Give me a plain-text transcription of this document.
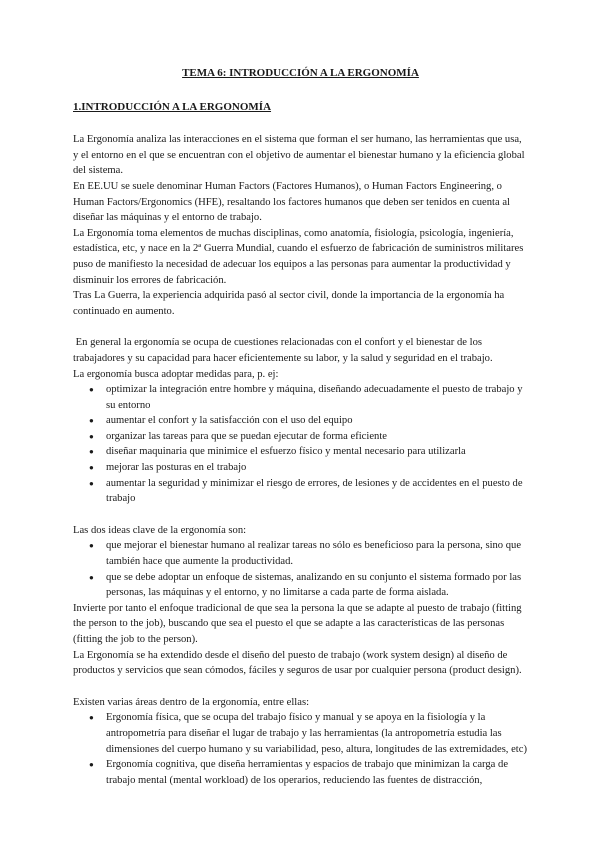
TEMA 6: INTRODUCCIÓN A LA ERGONOMÍA
1.INTRODUCCIÓN A LA ERGONOMÍA

La Ergonomía analiza las interacciones en el sistema que forman el ser humano, las herramientas que usa, y el entorno en el que se encuentran con el objetivo de aumentar el bienestar humano y la eficiencia global del sistema.

En EE.UU se suele denominar Human Factors (Factores Humanos), o Human Factors Engineering, o Human Factors/Ergonomics (HFE), resaltando los factores humanos que deben ser tenidos en cuenta al diseñar las máquinas y el entorno de trabajo.

La Ergonomía toma elementos de muchas disciplinas, como anatomía, fisiología, psicología, ingeniería, estadística, etc, y nace en la 2ª Guerra Mundial, cuando el esfuerzo de fabricación de suministros militares puso de manifiesto la necesidad de adecuar los equipos a las personas para aumentar la productividad y disminuir los errores de fabricación.

Tras La Guerra, la experiencia adquirida pasó al sector civil, donde la importancia de la ergonomía ha continuado en aumento.

En general la ergonomía se ocupa de cuestiones relacionadas con el confort y el bienestar de los trabajadores y su capacidad para hacer eficientemente su labor, y la salud y seguridad en el trabajo.

La ergonomía busca adoptar medidas para, p. ej:

● optimizar la integración entre hombre y máquina, diseñando adecuadamente el puesto de trabajo y su entorno
● aumentar el confort y la satisfacción con el uso del equipo
● organizar las tareas para que se puedan ejecutar de forma eficiente
● diseñar maquinaria que minimice el esfuerzo físico y mental necesario para utilizarla
● mejorar las posturas en el trabajo
● aumentar la seguridad y minimizar el riesgo de errores, de lesiones y de accidentes en el puesto de trabajo

Las dos ideas clave de la ergonomía son:

● que mejorar el bienestar humano al realizar tareas no sólo es beneficioso para la persona, sino que también hace que aumente la productividad.
● que se debe adoptar un enfoque de sistemas, analizando en su conjunto el sistema formado por las personas, las máquinas y el entorno, y no limitarse a cada parte de forma aislada.

Invierte por tanto el enfoque tradicional de que sea la persona la que se adapte al puesto de trabajo (fitting the person to the job), buscando que sea el puesto el que se adapte a las características de las personas (fitting the job to the person).

La Ergonomía se ha extendido desde el diseño del puesto de trabajo (work system design) al diseño de productos y servicios que sean cómodos, fáciles y seguros de usar por cualquier persona (product design).

Existen varias áreas dentro de la ergonomía, entre ellas:

● Ergonomía física, que se ocupa del trabajo físico y manual y se apoya en la fisiología y la antropometría para diseñar el lugar de trabajo y las herramientas (la antropometría estudia las dimensiones del cuerpo humano y su variabilidad, peso, altura, longitudes de las extremidades, etc)
● Ergonomía cognitiva, que diseña herramientas y espacios de trabajo que minimizan la carga de trabajo mental (mental workload) de los operarios, reduciendo las fuentes de distracción,
